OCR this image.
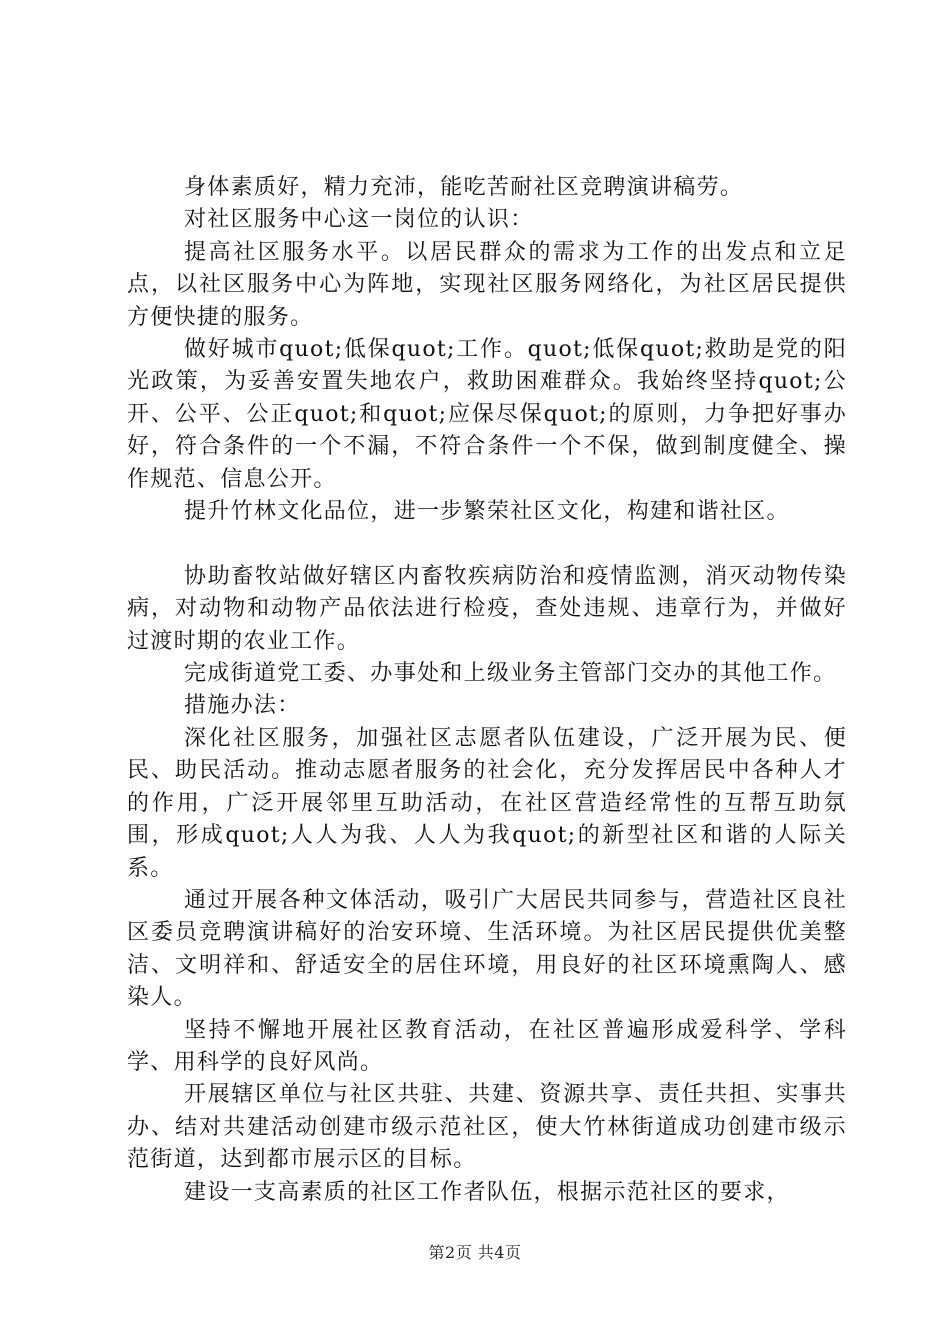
身体素质好，精力充沛，能吃苦耐社区竞聘演讲稿劳。

对社区服务中心这一岗位的认识：

提高社区服务水平。以居民群众的需求为工作的出发点和立足点，以社区服务中心为阵地，实现社区服务网络化，为社区居民提供方便快捷的服务。

做好城市quot;低保quot;工作。quot;低保quot;救助是党的阳光政策，为妥善安置失地农户，救助困难群众。我始终坚持quot;公开、公平、公正quot;和quot;应保尽保quot;的原则，力争把好事办好，符合条件的一个不漏，不符合条件一个不保，做到制度健全、操作规范、信息公开。

提升竹林文化品位，进一步繁荣社区文化，构建和谐社区。

协助畜牧站做好辖区内畜牧疾病防治和疫情监测，消灭动物传染病，对动物和动物产品依法进行检疫，查处违规、违章行为，并做好过渡时期的农业工作。

完成街道党工委、办事处和上级业务主管部门交办的其他工作。

措施办法：

深化社区服务，加强社区志愿者队伍建设，广泛开展为民、便民、助民活动。推动志愿者服务的社会化，充分发挥居民中各种人才的作用，广泛开展邻里互助活动，在社区营造经常性的互帮互助氛围，形成quot;人人为我、人人为我quot;的新型社区和谐的人际关系。

通过开展各种文体活动，吸引广大居民共同参与，营造社区良社区委员竞聘演讲稿好的治安环境、生活环境。为社区居民提供优美整洁、文明祥和、舒适安全的居住环境，用良好的社区环境熏陶人、感染人。

坚持不懈地开展社区教育活动，在社区普遍形成爱科学、学科学、用科学的良好风尚。

开展辖区单位与社区共驻、共建、资源共享、责任共担、实事共办、结对共建活动创建市级示范社区，使大竹林街道成功创建市级示范街道，达到都市展示区的目标。

建设一支高素质的社区工作者队伍，根据示范社区的要求，

第2页 共4页
